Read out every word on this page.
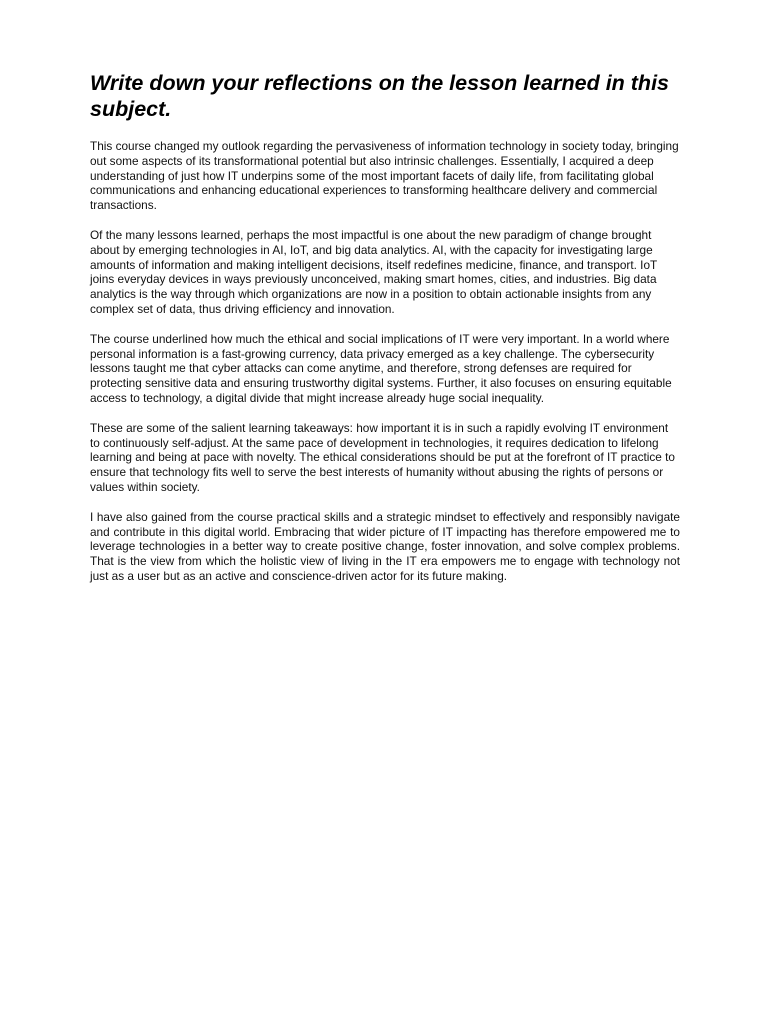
Write down your reflections on the lesson learned in this subject.

This course changed my outlook regarding the pervasiveness of information technology in society today, bringing out some aspects of its transformational potential but also intrinsic challenges. Essentially, I acquired a deep understanding of just how IT underpins some of the most important facets of daily life, from facilitating global communications and enhancing educational experiences to transforming healthcare delivery and commercial transactions.

Of the many lessons learned, perhaps the most impactful is one about the new paradigm of change brought about by emerging technologies in AI, IoT, and big data analytics. AI, with the capacity for investigating large amounts of information and making intelligent decisions, itself redefines medicine, finance, and transport. IoT joins everyday devices in ways previously unconceived, making smart homes, cities, and industries. Big data analytics is the way through which organizations are now in a position to obtain actionable insights from any complex set of data, thus driving efficiency and innovation.

The course underlined how much the ethical and social implications of IT were very important. In a world where personal information is a fast-growing currency, data privacy emerged as a key challenge. The cybersecurity lessons taught me that cyber attacks can come anytime, and therefore, strong defenses are required for protecting sensitive data and ensuring trustworthy digital systems. Further, it also focuses on ensuring equitable access to technology, a digital divide that might increase already huge social inequality.

These are some of the salient learning takeaways: how important it is in such a rapidly evolving IT environment to continuously self-adjust. At the same pace of development in technologies, it requires dedication to lifelong learning and being at pace with novelty. The ethical considerations should be put at the forefront of IT practice to ensure that technology fits well to serve the best interests of humanity without abusing the rights of persons or values within society.

I have also gained from the course practical skills and a strategic mindset to effectively and responsibly navigate and contribute in this digital world. Embracing that wider picture of IT impacting has therefore empowered me to leverage technologies in a better way to create positive change, foster innovation, and solve complex problems. That is the view from which the holistic view of living in the IT era empowers me to engage with technology not just as a user but as an active and conscience-driven actor for its future making.
